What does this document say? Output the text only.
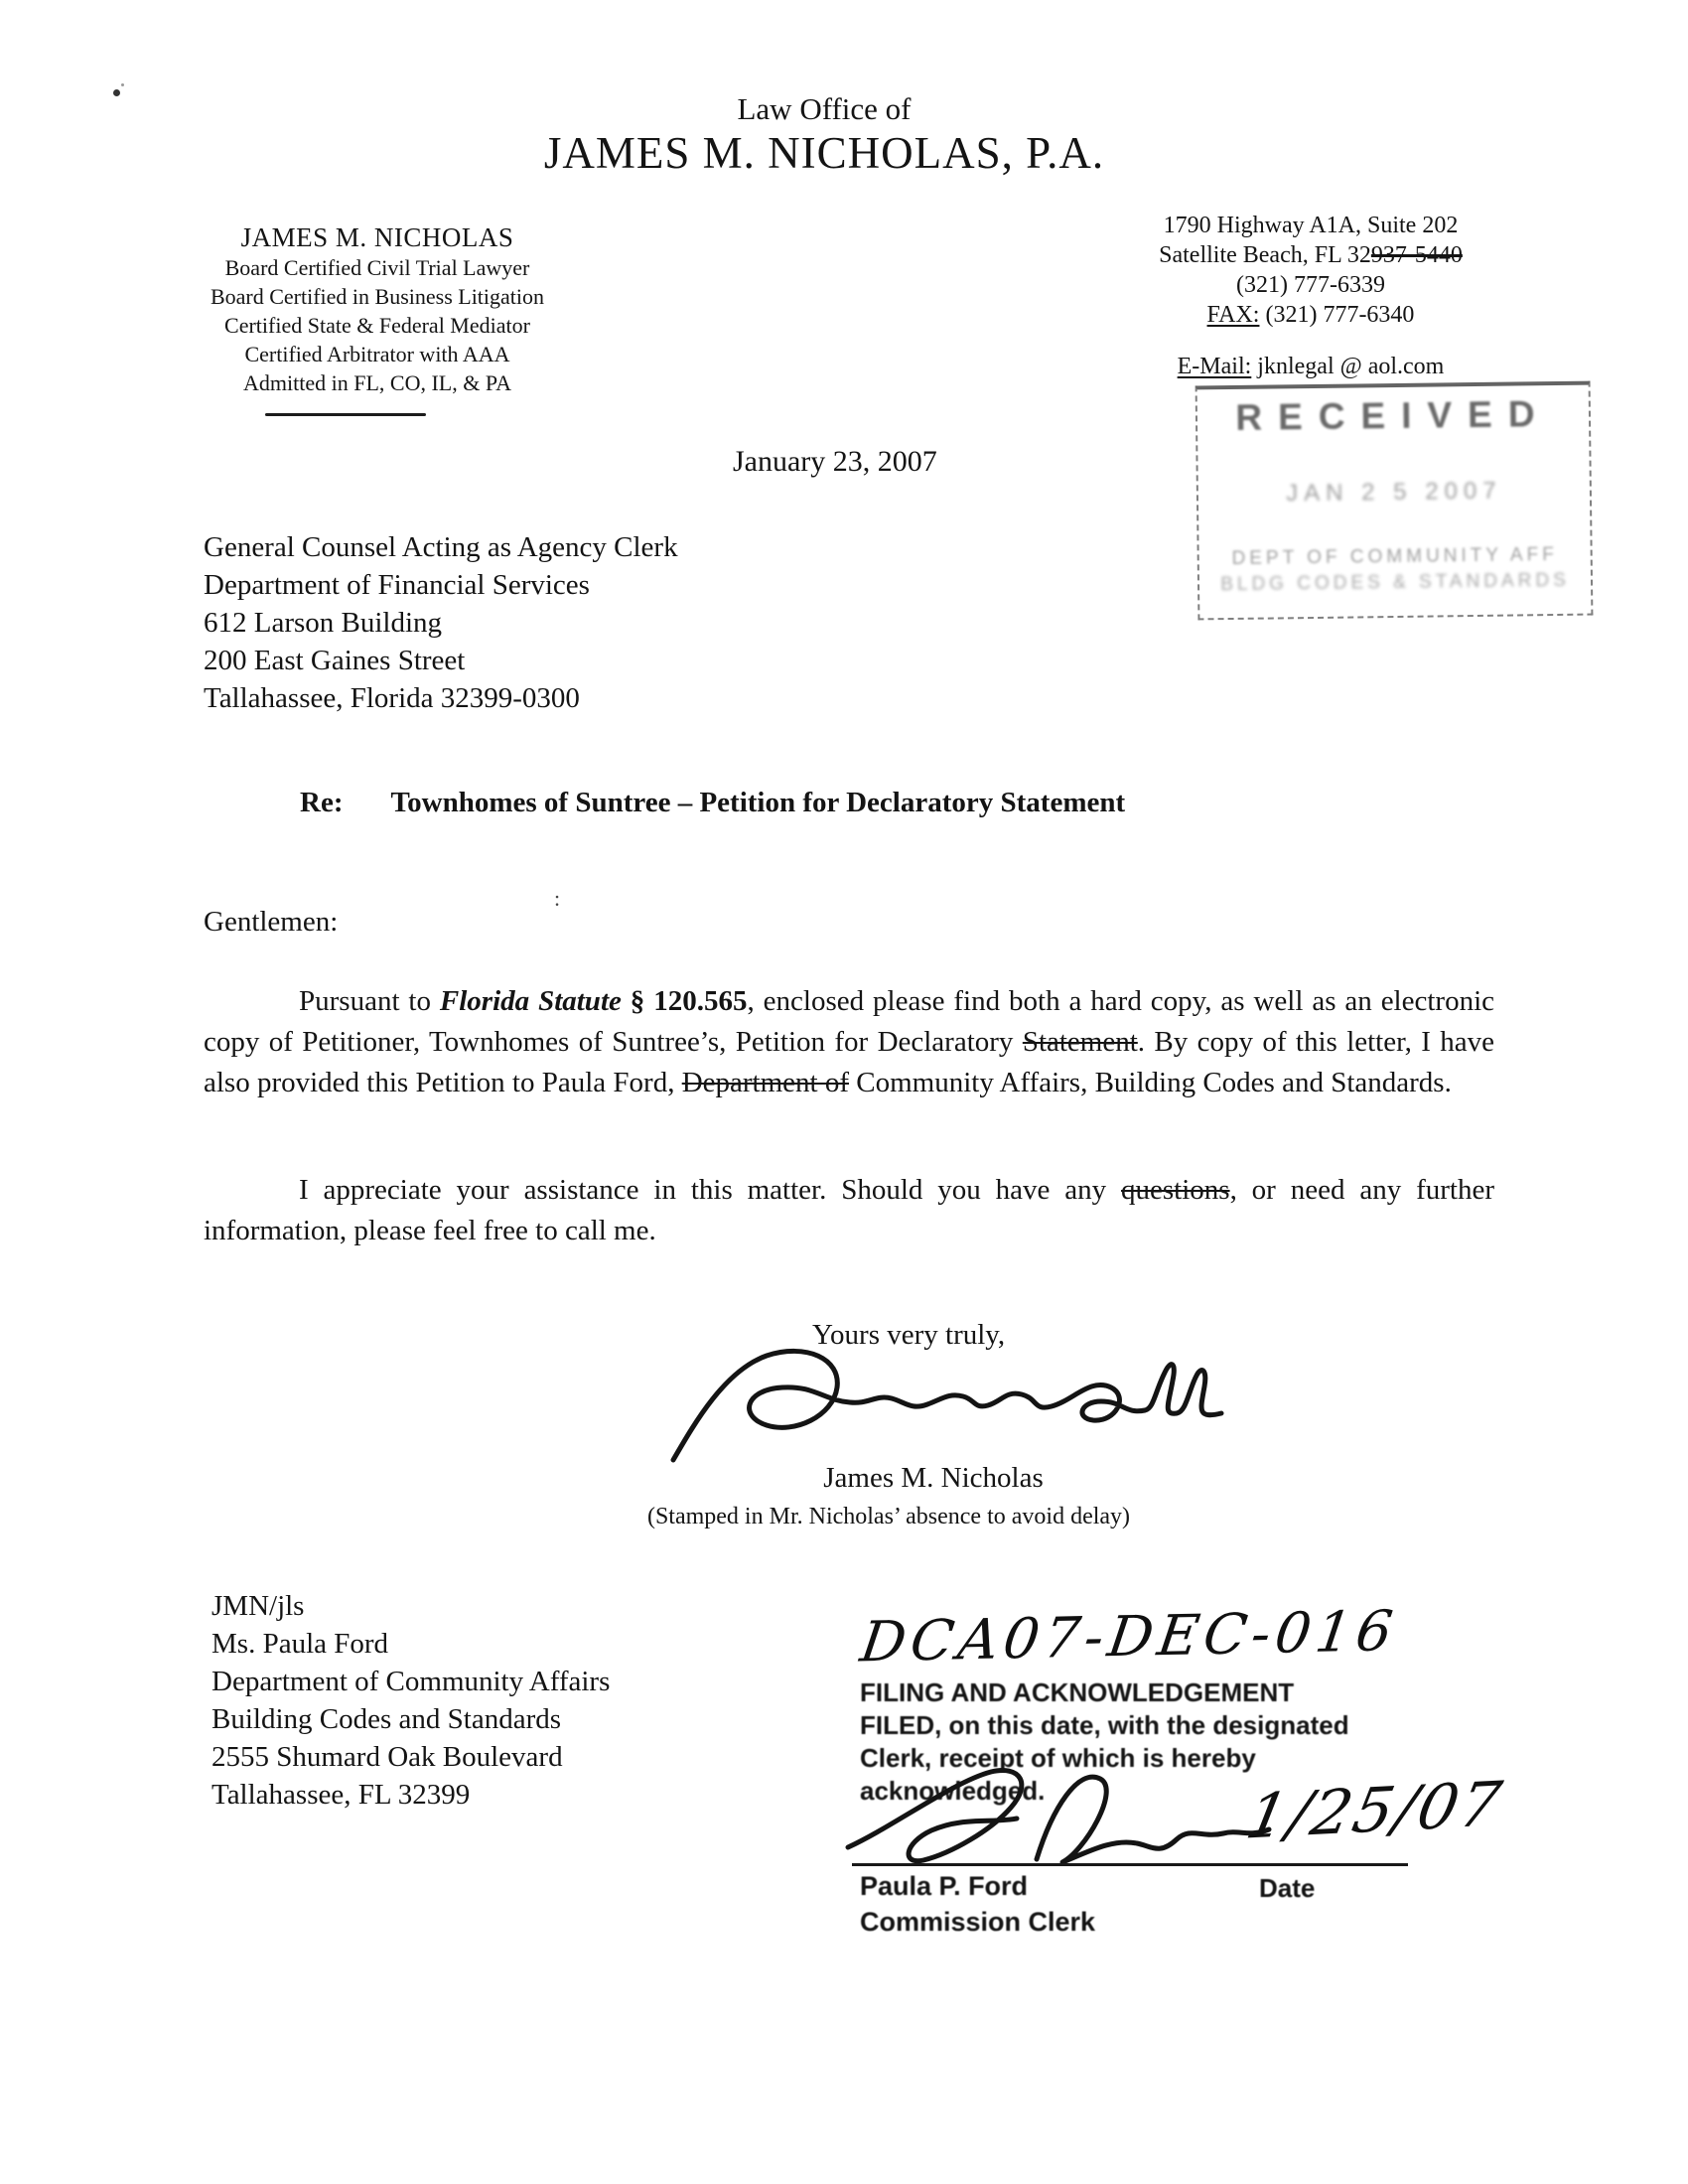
:
Law Office of
JAMES M. NICHOLAS, P.A.
JAMES M. NICHOLAS
Board Certified Civil Trial Lawyer
Board Certified in Business Litigation
Certified State & Federal Mediator
Certified Arbitrator with AAA
Admitted in FL, CO, IL, & PA
1790 Highway A1A, Suite 202
Satellite Beach, FL 32937-5440
(321) 777-6339
FAX: (321) 777-6340
E-Mail: jknlegal @ aol.com
RECEIVED
JAN 2 5 2007
DEPT OF COMMUNITY AFF
BLDG CODES & STANDARDS
January 23, 2007
General Counsel Acting as Agency Clerk
Department of Financial Services
612 Larson Building
200 East Gaines Street
Tallahassee, Florida 32399-0300
Re: Townhomes of Suntree – Petition for Declaratory Statement
Gentlemen:

Pursuant to Florida Statute § 120.565, enclosed please find both a hard copy, as well as an electronic copy of Petitioner, Townhomes of Suntree’s, Petition for Declaratory Statement. By copy of this letter, I have also provided this Petition to Paula Ford, Department of Community Affairs, Building Codes and Standards.

I appreciate your assistance in this matter. Should you have any questions, or need any further information, please feel free to call me.

Yours very truly,
James M. Nicholas
(Stamped in Mr. Nicholas’ absence to avoid delay)
JMN/jls
Ms. Paula Ford
Department of Community Affairs
Building Codes and Standards
2555 Shumard Oak Boulevard
Tallahassee, FL 32399
DCA07-DEC-016
FILING AND ACKNOWLEDGEMENT
FILED, on this date, with the designated
Clerk, receipt of which is hereby
acknowledged.	1/25/07
Paula P. Ford	Date
Commission Clerk
